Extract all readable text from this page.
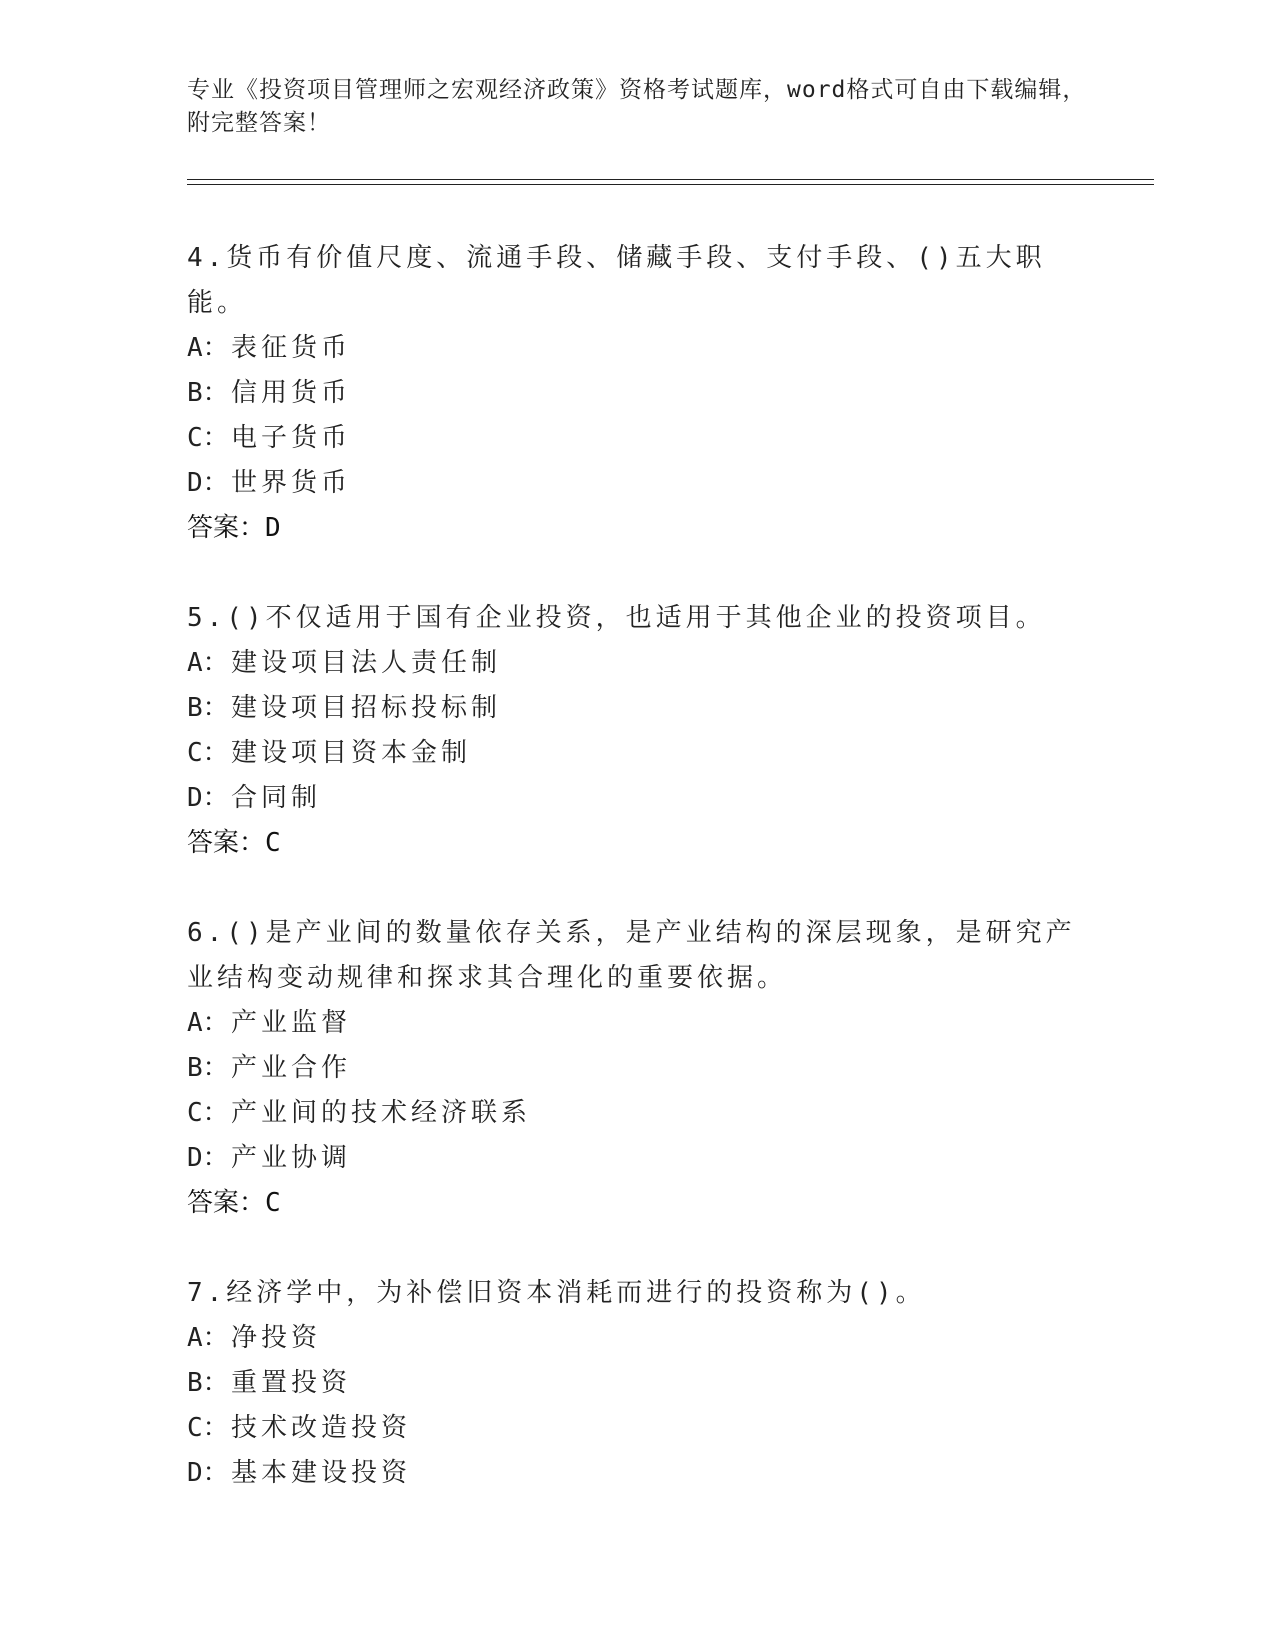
专业《投资项目管理师之宏观经济政策》资格考试题库，word格式可自由下载编辑，附完整答案！
4.货币有价值尺度、流通手段、储藏手段、支付手段、()五大职能。
A：表征货币
B：信用货币
C：电子货币
D：世界货币
答案：D
5.()不仅适用于国有企业投资，也适用于其他企业的投资项目。
A：建设项目法人责任制
B：建设项目招标投标制
C：建设项目资本金制
D：合同制
答案：C
6.()是产业间的数量依存关系，是产业结构的深层现象，是研究产业结构变动规律和探求其合理化的重要依据。
A：产业监督
B：产业合作
C：产业间的技术经济联系
D：产业协调
答案：C
7.经济学中，为补偿旧资本消耗而进行的投资称为()。
A：净投资
B：重置投资
C：技术改造投资
D：基本建设投资
